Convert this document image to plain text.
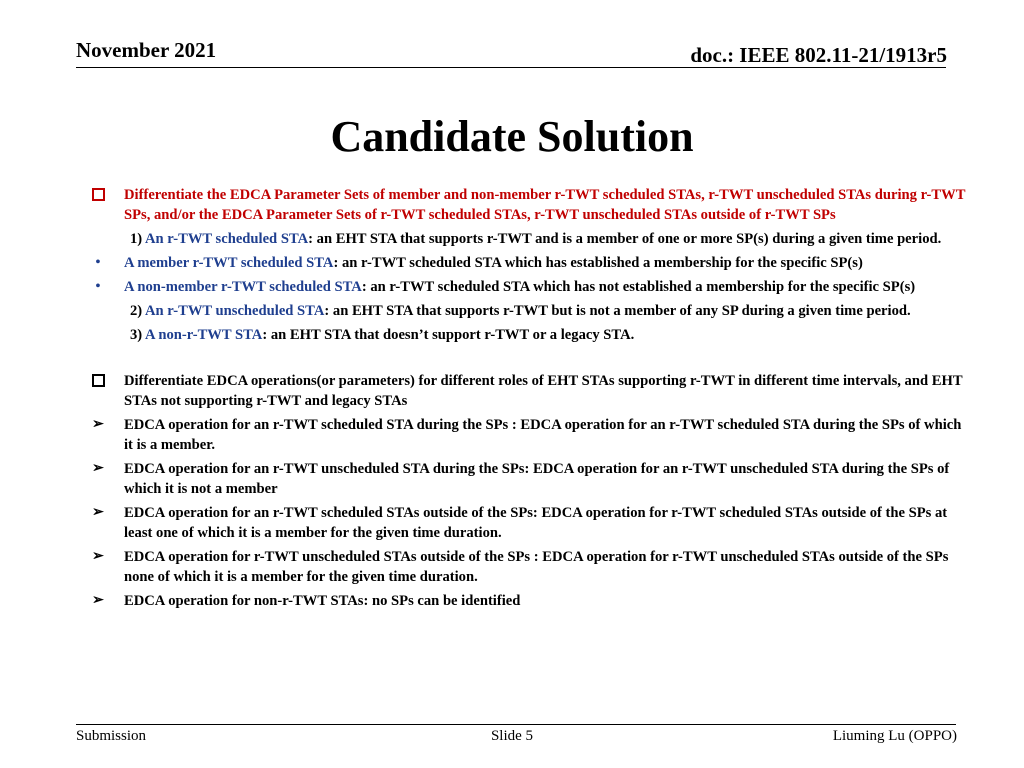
November 2021	doc.: IEEE 802.11-21/1913r5
Candidate Solution
Differentiate the EDCA Parameter Sets of member and non-member r-TWT scheduled STAs, r-TWT unscheduled STAs during r-TWT SPs, and/or the EDCA Parameter Sets of r-TWT scheduled STAs, r-TWT unscheduled STAs outside of r-TWT SPs
1) An r-TWT scheduled STA: an EHT STA that supports r-TWT and is a member of one or more SP(s) during a given time period.
•	A member r-TWT scheduled STA: an r-TWT scheduled STA which has established a membership for the specific SP(s)
•	A non-member r-TWT scheduled STA: an r-TWT scheduled STA which has not established a membership for the specific SP(s)
2) An r-TWT unscheduled STA: an EHT STA that supports r-TWT but is not a member of any SP during a given time period.
3) A non-r-TWT STA: an EHT STA that doesn’t support r-TWT or a legacy STA.
Differentiate EDCA operations(or parameters) for different roles of EHT STAs supporting r-TWT in different time intervals, and EHT STAs not supporting r-TWT and legacy STAs
➢	EDCA operation for an r-TWT scheduled STA during the SPs : EDCA operation for an r-TWT scheduled STA during the SPs of which it is a member.
➢	EDCA operation for an r-TWT unscheduled STA during the SPs: EDCA operation for an r-TWT unscheduled STA during the SPs of which it is not a member
➢	EDCA operation for an r-TWT scheduled STAs outside of the SPs: EDCA operation for r-TWT scheduled STAs outside of the SPs at least one of which it is a member for the given time duration.
➢	EDCA operation for r-TWT unscheduled STAs outside of the SPs : EDCA operation for r-TWT unscheduled STAs outside of the SPs none of which it is a member for the given time duration.
➢	EDCA operation for non-r-TWT STAs: no SPs can be identified
Submission	Slide 5	Liuming Lu (OPPO)
